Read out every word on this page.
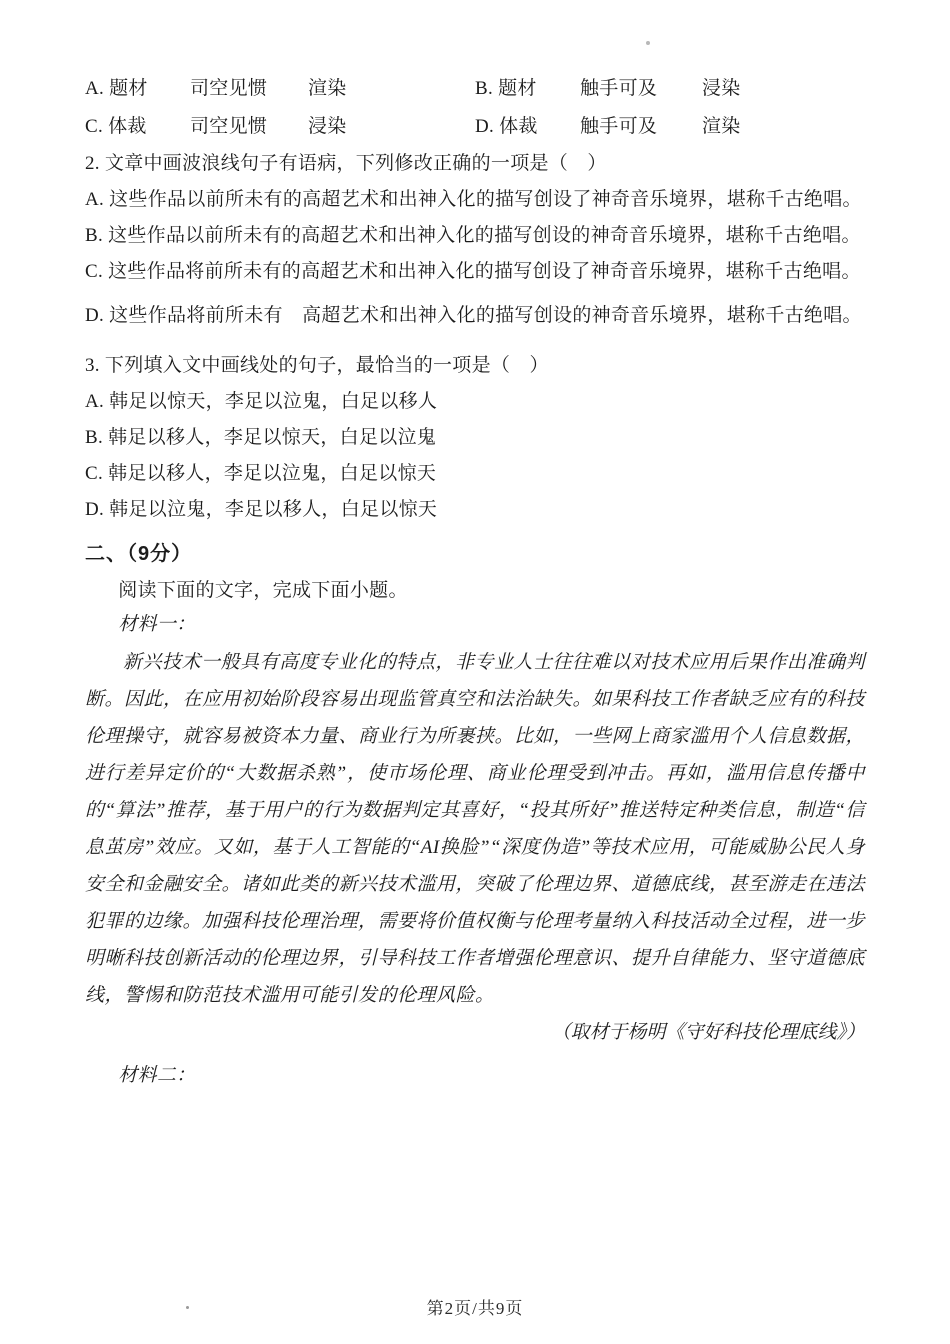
A. 题材	司空见惯	渲染	B. 题材	触手可及	浸染
C. 体裁	司空见惯	浸染	D. 体裁	触手可及	渲染
2. 文章中画波浪线句子有语病，下列修改正确的一项是（　）
A. 这些作品以前所未有的高超艺术和出神入化的描写创设了神奇音乐境界，堪称千古绝唱。
B. 这些作品以前所未有的高超艺术和出神入化的描写创设的神奇音乐境界，堪称千古绝唱。
C. 这些作品将前所未有的高超艺术和出神入化的描写创设了神奇音乐境界，堪称千古绝唱。
D. 这些作品将前所未有　高超艺术和出神入化的描写创设的神奇音乐境界，堪称千古绝唱。
3. 下列填入文中画线处的句子，最恰当的一项是（　）
A. 韩足以惊天，李足以泣鬼，白足以移人
B. 韩足以移人，李足以惊天，白足以泣鬼
C. 韩足以移人，李足以泣鬼，白足以惊天
D. 韩足以泣鬼，李足以移人，白足以惊天
二、（9分）
阅读下面的文字，完成下面小题。
材料一：

新兴技术一般具有高度专业化的特点，非专业人士往往难以对技术应用后果作出准确判断。因此，在应用初始阶段容易出现监管真空和法治缺失。如果科技工作者缺乏应有的科技伦理操守，就容易被资本力量、商业行为所裹挟。比如，一些网上商家滥用个人信息数据，进行差异定价的“大数据杀熟”，使市场伦理、商业伦理受到冲击。再如，滥用信息传播中的“算法”推荐，基于用户的行为数据判定其喜好，“投其所好”推送特定种类信息，制造“信息茧房”效应。又如，基于人工智能的“AI换脸”“深度伪造”等技术应用，可能威胁公民人身安全和金融安全。诸如此类的新兴技术滥用，突破了伦理边界、道德底线，甚至游走在违法犯罪的边缘。加强科技伦理治理，需要将价值权衡与伦理考量纳入科技活动全过程，进一步明晰科技创新活动的伦理边界，引导科技工作者增强伦理意识、提升自律能力、坚守道德底线，警惕和防范技术滥用可能引发的伦理风险。

（取材于杨明《守好科技伦理底线》）
材料二：
第2页/共9页
